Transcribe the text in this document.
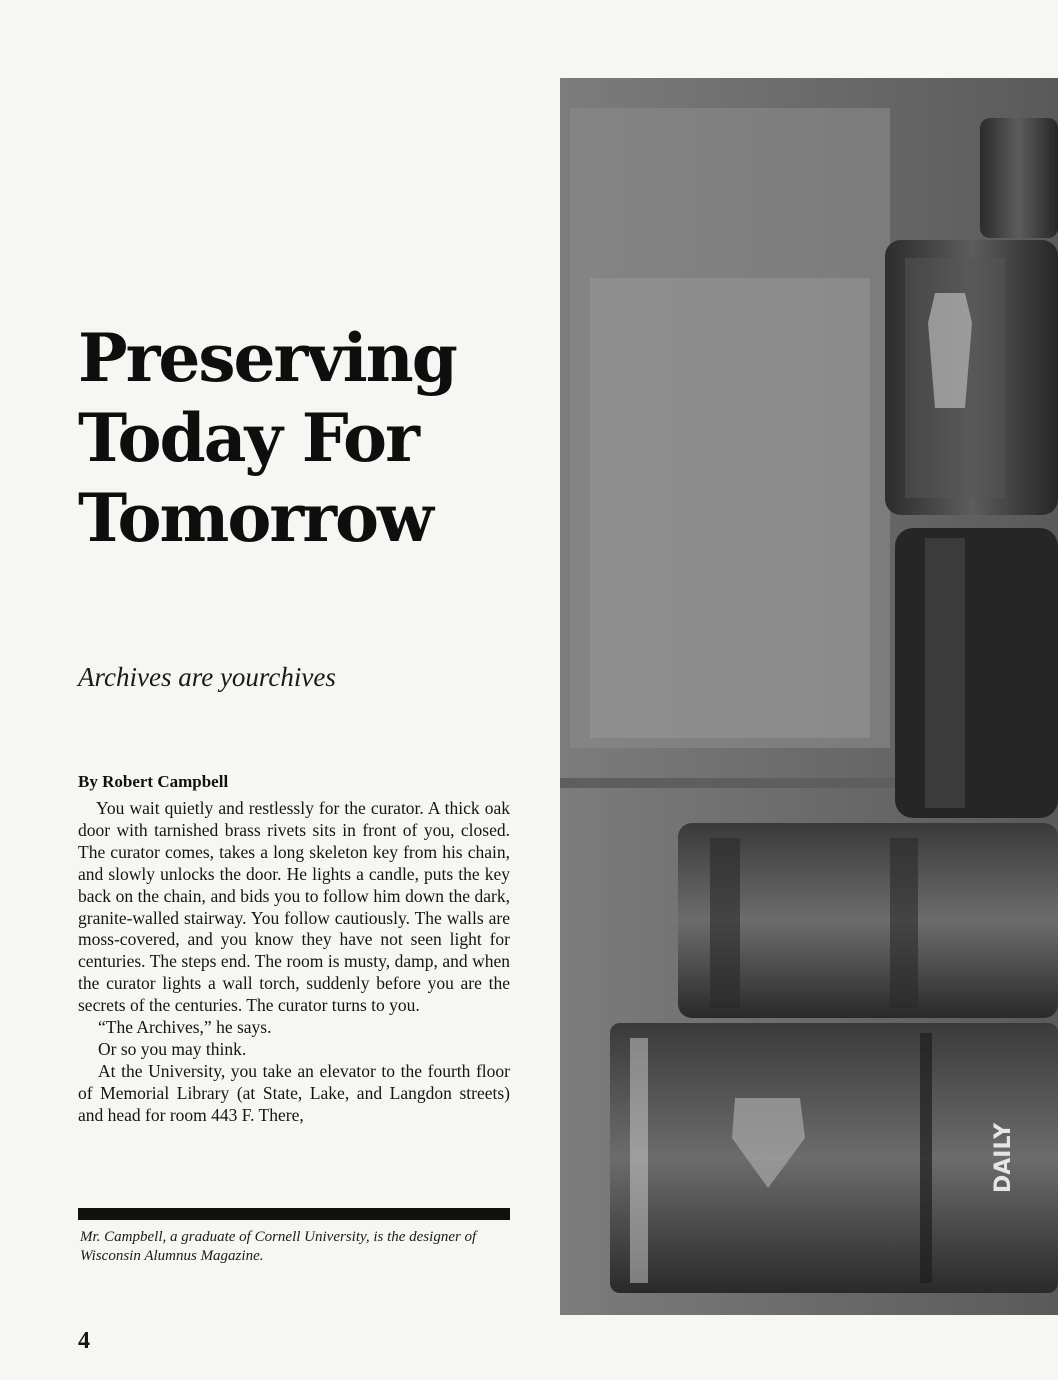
Preserving
Today For
Tomorrow
Archives are yourchives
By Robert Campbell

You wait quietly and restlessly for the curator. A thick oak door with tarnished brass rivets sits in front of you, closed. The curator comes, takes a long skeleton key from his chain, and slowly unlocks the door. He lights a candle, puts the key back on the chain, and bids you to follow him down the dark, granite-walled stairway. You follow cautiously. The walls are moss-covered, and you know they have not seen light for centuries. The steps end. The room is musty, damp, and when the curator lights a wall torch, suddenly before you are the secrets of the centuries. The curator turns to you.

“The Archives,” he says.

Or so you may think.

At the University, you take an elevator to the fourth floor of Memorial Library (at State, Lake, and Langdon streets) and head for room 443 F. There,

Mr. Campbell, a graduate of Cornell University, is the designer of Wisconsin Alumnus Magazine.
4
DAILY
